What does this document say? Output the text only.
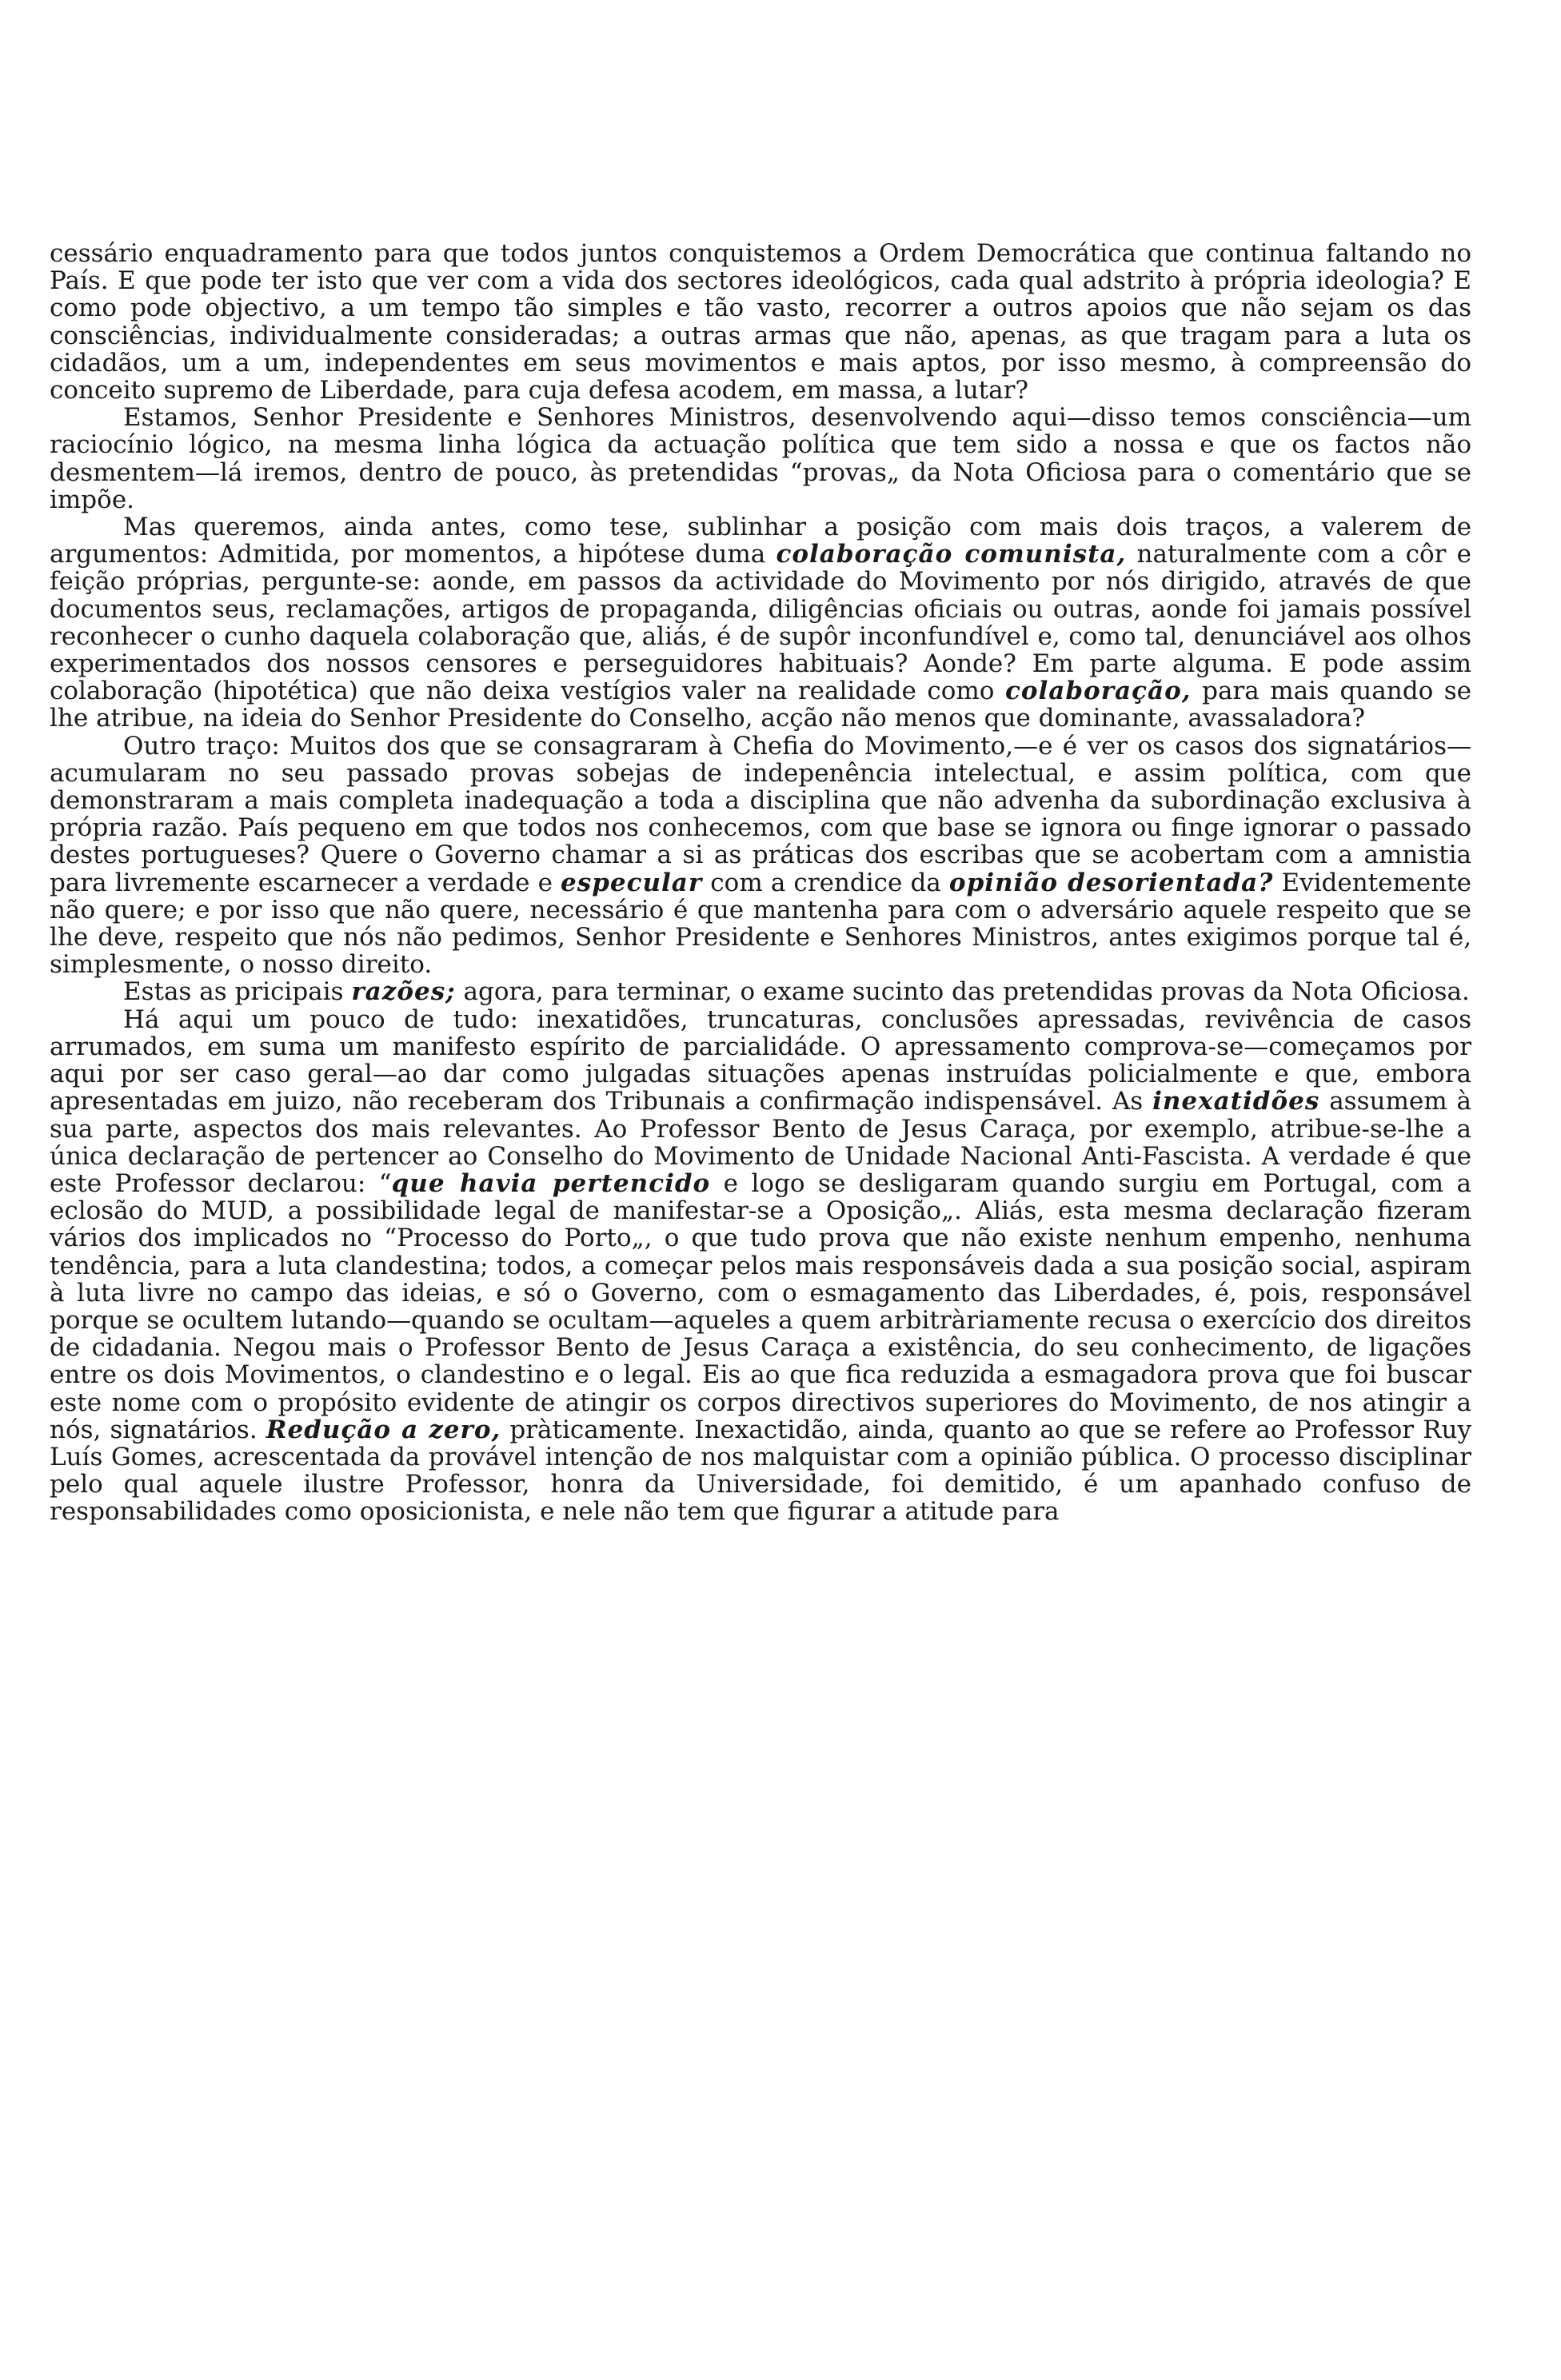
cessário enquadramento para que todos juntos conquistemos a Ordem Democrática que continua faltando no País. E que pode ter isto que ver com a vida dos sectores ideológicos, cada qual adstrito à própria ideologia? E como pode objectivo, a um tempo tão simples e tão vasto, recorrer a outros apoios que não sejam os das consciências, individualmente consideradas; a outras armas que não, apenas, as que tragam para a luta os cidadãos, um a um, independentes em seus movimentos e mais aptos, por isso mesmo, à compreensão do conceito supremo de Liberdade, para cuja defesa acodem, em massa, a lutar?

Estamos, Senhor Presidente e Senhores Ministros, desenvolvendo aqui—disso temos consciência—um raciocínio lógico, na mesma linha lógica da actuação política que tem sido a nossa e que os factos não desmentem—lá iremos, dentro de pouco, às pretendidas “provas„ da Nota Oficiosa para o comentário que se impõe.

Mas queremos, ainda antes, como tese, sublinhar a posição com mais dois traços, a valerem de argumentos: Admitida, por momentos, a hipótese duma colaboração comunista, naturalmente com a côr e feição próprias, pergunte-se: aonde, em passos da actividade do Movimento por nós dirigido, através de que documentos seus, reclamações, artigos de propaganda, diligências oficiais ou outras, aonde foi jamais possível reconhecer o cunho daquela colaboração que, aliás, é de supôr inconfundível e, como tal, denunciável aos olhos experimentados dos nossos censores e perseguidores habituais? Aonde? Em parte alguma. E pode assim colaboração (hipotética) que não deixa vestígios valer na realidade como colaboração, para mais quando se lhe atribue, na ideia do Senhor Presidente do Conselho, acção não menos que dominante, avassaladora?

Outro traço: Muitos dos que se consagraram à Chefia do Movimento,—e é ver os casos dos signatários—acumularam no seu passado provas sobejas de indepenência intelectual, e assim política, com que demonstraram a mais completa inadequação a toda a disciplina que não advenha da subordinação exclusiva à própria razão. País pequeno em que todos nos conhecemos, com que base se ignora ou finge ignorar o passado destes portugueses? Quere o Governo chamar a si as práticas dos escribas que se acobertam com a amnistia para livremente escarnecer a verdade e especular com a crendice da opinião desorientada? Evidentemente não quere; e por isso que não quere, necessário é que mantenha para com o adversário aquele respeito que se lhe deve, respeito que nós não pedimos, Senhor Presidente e Senhores Ministros, antes exigimos porque tal é, simplesmente, o nosso direito.

Estas as pricipais razões; agora, para terminar, o exame sucinto das pretendidas provas da Nota Oficiosa.

Há aqui um pouco de tudo: inexatidões, truncaturas, conclusões apressadas, revivência de casos arrumados, em suma um manifesto espírito de parcialidáde. O apressamento comprova-se—começamos por aqui por ser caso geral—ao dar como julgadas situações apenas instruídas policialmente e que, embora apresentadas em juizo, não receberam dos Tribunais a confirmação indispensável. As inexatidões assumem à sua parte, aspectos dos mais relevantes. Ao Professor Bento de Jesus Caraça, por exemplo, atribue-se-lhe a única declaração de pertencer ao Conselho do Movimento de Unidade Nacional Anti-Fascista. A verdade é que este Professor declarou: “que havia pertencido e logo se desligaram quando surgiu em Portugal, com a eclosão do MUD, a possibilidade legal de manifestar-se a Oposição„. Aliás, esta mesma declaração fizeram vários dos implicados no “Processo do Porto„, o que tudo prova que não existe nenhum empenho, nenhuma tendência, para a luta clandestina; todos, a começar pelos mais responsáveis dada a sua posição social, aspiram à luta livre no campo das ideias, e só o Governo, com o esmagamento das Liberdades, é, pois, responsável porque se ocultem lutando—quando se ocultam—aqueles a quem arbitràriamente recusa o exercício dos direitos de cidadania. Negou mais o Professor Bento de Jesus Caraça a existência, do seu conhecimento, de ligações entre os dois Movimentos, o clandestino e o legal. Eis ao que fica reduzida a esmagadora prova que foi buscar este nome com o propósito evidente de atingir os corpos directivos superiores do Movimento, de nos atingir a nós, signatários. Redução a zero, pràticamente. Inexactidão, ainda, quanto ao que se refere ao Professor Ruy Luís Gomes, acrescentada da provável intenção de nos malquistar com a opinião pública. O processo disciplinar pelo qual aquele ilustre Professor, honra da Universidade, foi demitido, é um apanhado confuso de responsabilidades como oposicionista, e nele não tem que figurar a atitude para
